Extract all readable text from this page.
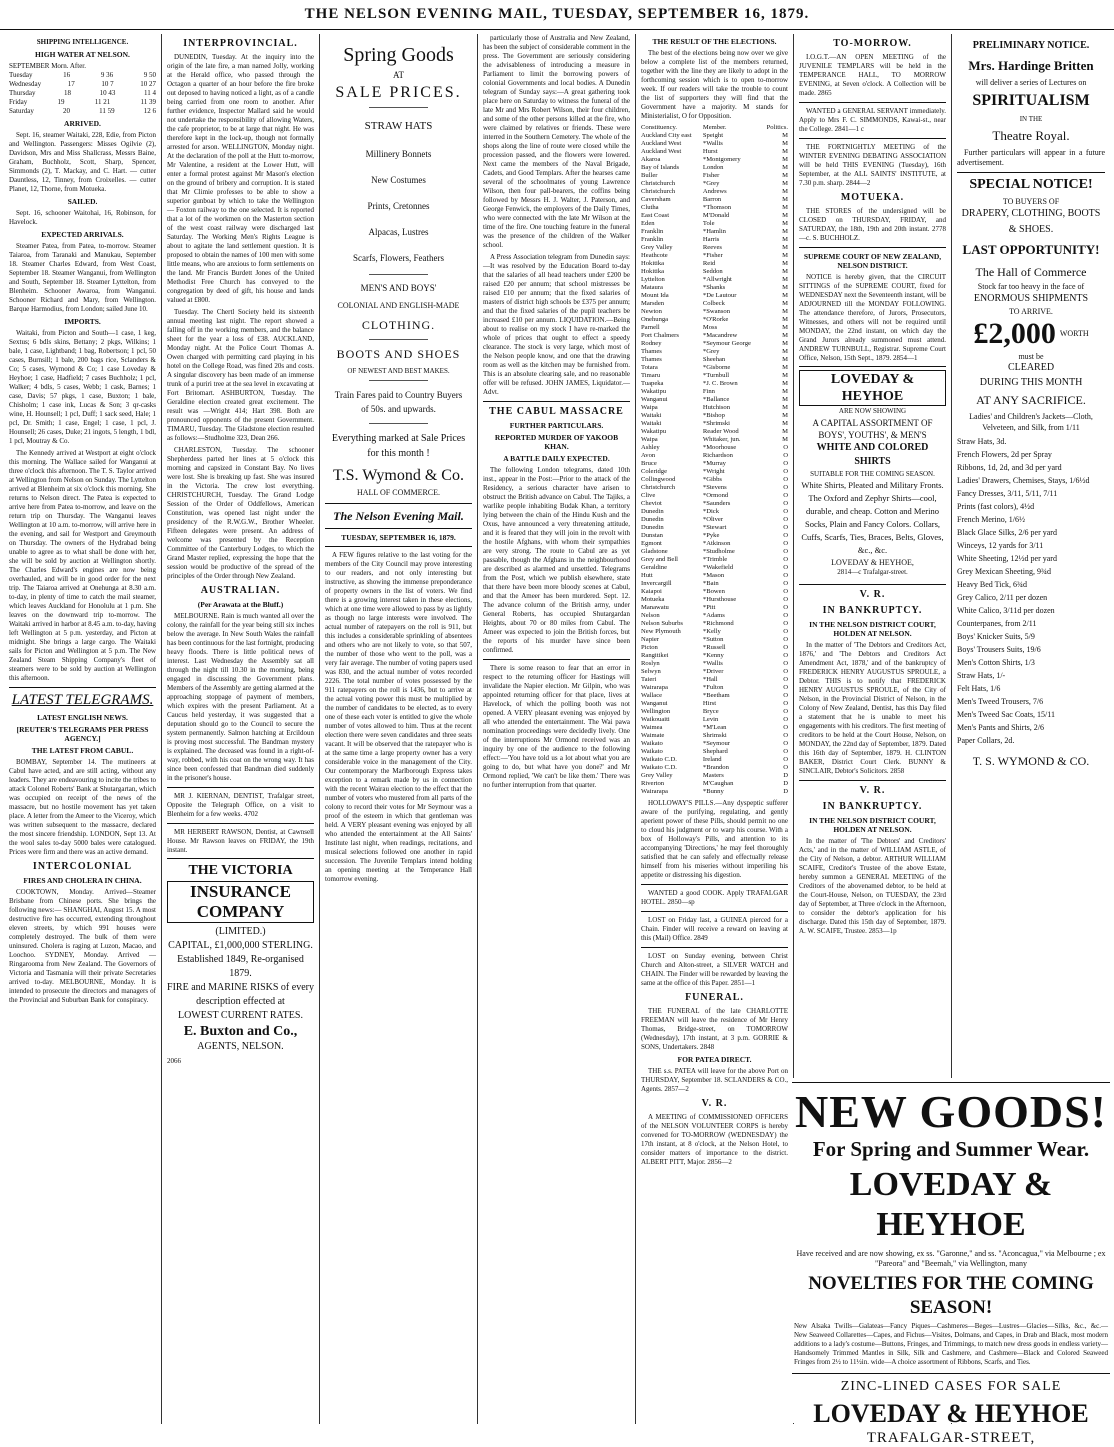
THE NELSON EVENING MAIL, TUESDAY, SEPTEMBER 16, 1879.
SHIPPING INTELLIGENCE.
HIGH WATER AT NELSON.
SEPTEMBER Morn. After.
Tuesday	16	9 36	9 50
Wednesday	17	10 7	10 27
Thursday	18	10 43	11 4
Friday	19	11 21	11 39
Saturday	20	11 59	12 6
ARRIVED.

Sept. 16, steamer Waitaki, 228, Edie, from Picton and Wellington. Passengers: Misses Ogilvie (2), Davidson, Mrs and Miss Shallcrass, Messrs Baine, Graham, Buchholz, Scott, Sharp, Spencer, Simmonds (2), T. Mackay, and C. Hart. — cutter Dauntless, 12, Tinney, from Croixelles. — cutter Planet, 12, Thorne, from Motueka.

SAILED.

Sept. 16, schooner Waitohai, 16, Robinson, for Havelock.

EXPECTED ARRIVALS.

Steamer Patea, from Patea, to-morrow. Steamer Taiaroa, from Taranaki and Manukau, September 18. Steamer Charles Edward, from West Coast, September 18. Steamer Wanganui, from Wellington and South, September 18. Steamer Lyttelton, from Blenheim. Schooner Awaroa, from Wanganui. Schooner Richard and Mary, from Wellington. Barque Harmodius, from London; sailed June 10.

IMPORTS.

Waitaki, from Picton and South—1 case, 1 keg, Sextus; 6 bdls skins, Bettany; 2 pkgs, Wilkins; 1 bale, 1 case, Lightband; 1 bag, Robertson; 1 pcl, 50 cases, Burnsill; 1 bale, 200 bags rice, Sclanders & Co; 5 cases, Wymond & Co; 1 case Loveday & Heyhoe; 1 case, Hadfield; 7 cases Buchholz; 1 pcl, Walker; 4 bdls, 5 cases, Webb; 1 cask, Barnes; 1 case, Davis; 57 pkgs, 1 case, Buxton; 1 bale, Chisholm; 1 case ink, Lucas & Son; 3 qr-casks wine, H. Hounsell; 1 pcl, Duff; 1 sack seed, Hale; 1 pcl, Dr. Smith; 1 case, Engel; 1 case, 1 pcl, J. Hounsell; 26 cases, Duke; 21 ingots, 5 length, 1 bdl, 1 pcl, Moutray & Co.

The Kennedy arrived at Westport at eight o'clock this morning. The Wallace sailed for Wanganui at three o'clock this afternoon. The T. S. Taylor arrived at Wellington from Nelson on Sunday. The Lyttelton arrived at Blenheim at six o'clock this morning. She returns to Nelson direct. The Patea is expected to arrive here from Patea to-morrow, and leave on the return trip on Thursday. The Wanganui leaves Wellington at 10 a.m. to-morrow, will arrive here in the evening, and sail for Westport and Greymouth on Thursday. The owners of the Hydrabad being unable to agree as to what shall be done with her, she will be sold by auction at Wellington shortly. The Charles Edward's engines are now being overhauled, and will be in good order for the next trip. The Taiaroa arrived at Onehunga at 8.30 a.m. to-day, in plenty of time to catch the mail steamer, which leaves Auckland for Honolulu at 1 p.m. She leaves on the downward trip to-morrow. The Waitaki arrived in harbor at 8.45 a.m. to-day, having left Wellington at 5 p.m. yesterday, and Picton at midnight. She brings a large cargo. The Waitaki sails for Picton and Wellington at 5 p.m. The New Zealand Steam Shipping Company's fleet of steamers were to be sold by auction at Wellington this afternoon.

LATEST TELEGRAMS.
LATEST ENGLISH NEWS.
[REUTER'S TELEGRAMS PER PRESS AGENCY.]
THE LATEST FROM CABUL.

BOMBAY, September 14. The mutineers at Cabul have acted, and are still acting, without any leaders. They are endeavouring to incite the tribes to attack Colonel Roberts' Bank at Shutargartan, which was occupied on receipt of the news of the massacre, but no hostile movement has yet taken place. A letter from the Ameer to the Viceroy, which was written subsequent to the massacre, declared the most sincere friendship. LONDON, Sept 13. At the wool sales to-day 5000 bales were catalogued. Prices were firm and there was an active demand.

INTERCOLONIAL
FIRES AND CHOLERA IN CHINA.

COOKTOWN, Monday. Arrived—Steamer Brisbane from Chinese ports. She brings the following news:— SHANGHAI, August 15. A most destructive fire has occurred, extending throughout eleven streets, by which 991 houses were completely destroyed. The bulk of them were uninsured. Cholera is raging at Luzon, Macao, and Loochoo. SYDNEY, Monday. Arrived — Ringarooma from New Zealand. The Governors of Victoria and Tasmania will their private Secretaries arrived to-day. MELBOURNE, Monday. It is intended to prosecute the directors and managers of the Provincial and Suburban Bank for conspiracy.

INTERPROVINCIAL.

DUNEDIN, Tuesday. At the inquiry into the origin of the late fire, a man named Jolly, working at the Herald office, who passed through the Octagon a quarter of an hour before the fire broke out deposed to having noticed a light, as of a candle being carried from one room to another. After further evidence, Inspector Mallard said he would not undertake the responsibility of allowing Waters, the cafe proprietor, to be at large that night. He was therefore kept in the lock-up, though not formally arrested for arson. WELLINGTON, Monday night. At the declaration of the poll at the Hutt to-morrow, Mr Valentine, a resident at the Lower Hutt, will enter a formal protest against Mr Mason's election on the ground of bribery and corruption. It is stated that Mr Climie professes to be able to show a superior gunboat by which to take the Wellington — Foxton railway to the one selected. It is reported that a lot of the workmen on the Masterton section of the west coast railway were discharged last Saturday. The Working Men's Rights League is about to agitate the land settlement question. It is proposed to obtain the names of 100 men with some little means, who are anxious to form settlements on the land. Mr Francis Burdett Jones of the United Methodist Free Church has conveyed to the congregation by deed of gift, his house and lands valued at £800.

Tuesday. The Chertl Society held its sixteenth annual meeting last night. The report showed a falling off in the working members, and the balance sheet for the year a loss of £38. AUCKLAND, Monday night. At the Police Court Thomas A. Owen charged with permitting card playing in his hotel on the College Road, was fined 20s and costs. A singular discovery has been made of an immense trunk of a puriri tree at the sea level in excavating at Fort Britomart. ASHBURTON, Tuesday. The Geraldine election created great excitement. The result was —Wright 414; Hart 398. Both are pronounced opponents of the present Government. TIMARU, Tuesday. The Gladstone election resulted as follows:—Studholme 323, Dean 266.

CHARLESTON, Tuesday. The schooner Shepherdess parted her lines at 5 o'clock this morning and capsized in Constant Bay. No lives were lost. She is breaking up fast. She was insured in the Victoria. The crew lost everything. CHRISTCHURCH, Tuesday. The Grand Lodge Session of the Order of Oddfellows, American Constitution, was opened last night under the presidency of the R.W.G.W., Brother Wheeler. Fifteen delegates were present. An address of welcome was presented by the Reception Committee of the Canterbury Lodges, to which the Grand Master replied, expressing the hope that the session would be productive of the spread of the principles of the Order through New Zealand.

AUSTRALIAN.
(Per Arawata at the Bluff.)

MELBOURNE. Rain is much wanted all over the colony, the rainfall for the year being still six inches below the average. In New South Wales the rainfall has been continuous for the last fortnight, producing heavy floods. There is little political news of interest. Last Wednesday the Assembly sat all through the night till 10.30 in the morning, being engaged in discussing the Government plans. Members of the Assembly are getting alarmed at the approaching stoppage of payment of members, which expires with the present Parliament. At a Caucus held yesterday, it was suggested that a deputation should go to the Council to secure the system permanently. Salmon hatching at Ercildoun is proving most successful. The Bandman mystery is explained. The deceased was found in a right-of-way, robbed, with his coat on the wrong way. It has since been confessed that Bandman died suddenly in the prisoner's house.

MR J. KIERNAN, DENTIST, Trafalgar street, Opposite the Telegraph Office, on a visit to Blenheim for a few weeks. 4702

MR HERBERT RAWSON, Dentist, at Cawnsell House. Mr Rawson leaves on FRIDAY, the 19th instant.

THE VICTORIA
INSURANCE COMPANY
(LIMITED.)
CAPITAL, £1,000,000 STERLING.
Established 1849, Re-organised 1879.
FIRE and MARINE RISKS of every description effected at
LOWEST CURRENT RATES.
E. Buxton and Co.,
AGENTS, NELSON.
2066
Spring Goods
AT
SALE PRICES.
STRAW HATS
Millinery Bonnets
New Costumes
Prints, Cretonnes
Alpacas, Lustres
Scarfs, Flowers, Feathers
MEN'S AND BOYS'
COLONIAL AND ENGLISH-MADE
CLOTHING.
BOOTS AND SHOES
OF NEWEST AND BEST MAKES.
Train Fares paid to Country Buyers of 50s. and upwards.
Everything marked at Sale Prices for this month !
T.S. Wymond & Co.
HALL OF COMMERCE.
The Nelson Evening Mail.
TUESDAY, SEPTEMBER 16, 1879.

A FEW figures relative to the last voting for the members of the City Council may prove interesting to our readers, and not only interesting but instructive, as showing the immense preponderance of property owners in the list of voters. We find there is a growing interest taken in these elections, which at one time were allowed to pass by as lightly as though no large interests were involved. The actual number of ratepayers on the roll is 911, but this includes a considerable sprinkling of absentees and others who are not likely to vote, so that 507, the number of those who went to the poll, was a very fair average. The number of voting papers used was 830, and the actual number of votes recorded 2226. The total number of votes possessed by the 911 ratepayers on the roll is 1436, but to arrive at the actual voting power this must be multiplied by the number of candidates to be elected, as to every one of these each voter is entitled to give the whole number of votes allowed to him. Thus at the recent election there were seven candidates and three seats vacant. It will be observed that the ratepayer who is at the same time a large property owner has a very considerable voice in the management of the City. Our contemporary the Marlborough Express takes exception to a remark made by us in connection with the recent Wairau election to the effect that the number of voters who mustered from all parts of the colony to record their votes for Mr Seymour was a proof of the esteem in which that gentleman was held. A VERY pleasant evening was enjoyed by all who attended the entertainment at the All Saints' Institute last night, when readings, recitations, and musical selections followed one another in rapid succession. The Juvenile Templars intend holding an opening meeting at the Temperance Hall tomorrow evening.

particularly those of Australia and New Zealand, has been the subject of considerable comment in the press. The Government are seriously considering the advisableness of introducing a measure in Parliament to limit the borrowing powers of colonial Governments and local bodies. A Dunedin telegram of Sunday says:—A great gathering took place here on Saturday to witness the funeral of the late Mr and Mrs Robert Wilson, their four children, and some of the other persons killed at the fire, who were claimed by relatives or friends. These were interred in the Southern Cemetery. The whole of the shops along the line of route were closed while the procession passed, and the flowers were lowered. Next came the members of the Naval Brigade, Cadets, and Good Templars. After the hearses came several of the schoolmates of young Lawrence Wilson, then four pall-bearers, the coffins being followed by Messrs H. J. Walter, J. Paterson, and George Fenwick, the employers of the Daily Times, who were connected with the late Mr Wilson at the time of the fire. One touching feature in the funeral was the presence of the children of the Walker school.

A Press Association telegram from Dunedin says:—It was resolved by the Education Board to-day that the salaries of all head teachers under £200 be raised £20 per annum; that school mistresses be raised £10 per annum; that the fixed salaries of masters of district high schools be £375 per annum; and that the fixed salaries of the pupil teachers be increased £10 per annum. LIQUIDATION.—Being about to realise on my stock I have re-marked the whole of prices that ought to effect a speedy clearance. The stock is very large, which most of the Nelson people know, and one that the drawing room as well as the kitchen may be furnished from. This is an absolute clearing sale, and no reasonable offer will be refused. JOHN JAMES, Liquidator.—Advt.

THE CABUL MASSACRE
FURTHER PARTICULARS.
REPORTED MURDER OF YAKOOB KHAN.
A BATTLE DAILY EXPECTED.

The following London telegrams, dated 10th inst., appear in the Post:—Prior to the attack of the Residency, a serious character have arisen to obstruct the British advance on Cabul. The Tajiks, a warlike people inhabiting Budak Khan, a territory lying between the chain of the Hindu Kush and the Oxus, have announced a very threatening attitude, and it is feared that they will join in the revolt with the hostile Afghans, with whom their sympathies are very strong. The route to Cabul are as yet passable, though the Afghans in the neighbourhood are described as alarmed and unsettled. Telegrams from the Post, which we publish elsewhere, state that there have been more bloody scenes at Cabul, and that the Ameer has been murdered. Sept. 12. The advance column of the British army, under General Roberts, has occupied Shutargardan Heights, about 70 or 80 miles from Cabul. The Ameer was expected to join the British forces, but the reports of his murder have since been confirmed.

There is some reason to fear that an error in respect to the returning officer for Hastings will invalidate the Napier election. Mr Gilpin, who was appointed returning officer for that place, lives at Havelock, of which the polling booth was not opened. A VERY pleasant evening was enjoyed by all who attended the entertainment. The Wai pawa nomination proceedings were decidedly lively. One of the interruptions Mr Ormond received was an inquiry by one of the audience to the following effect:—'You have told us a lot about what you are going to do, but what have you done?' and Mr Ormond replied, 'We can't be like them.' There was no further interruption from that quarter.

THE RESULT OF THE ELECTIONS.

The best of the elections being now over we give below a complete list of the members returned, together with the line they are likely to adopt in the forthcoming session which is to open to-morrow week. If our readers will take the trouble to count the list of supporters they will find that the Government have a majority. M stands for Ministerialist, O for Opposition.

Constituency.	Member.	Politics.
Auckland City east	Speight	M
Auckland West	*Wallis	M
Auckland West	Hurst	M
Akaroa	*Montgomery	M
Bay of Islands	London	M
Buller	Fisher	M
Christchurch	*Grey	M
Christchurch	Andrews	M
Caversham	Barron	M
Clutha	*Thomson	M
East Coast	M'Donald	M
Eden	Tole	M
Franklin	*Hamlin	M
Franklin	Harris	M
Grey Valley	Reeves	M
Heathcote	*Fisher	M
Hokitika	Reid	M
Hokitika	Seddon	M
Lyttelton	*Allwright	M
Mataura	*Shanks	M
Mount Ida	*De Lautour	M
Marsden	Colbeck	M
Newton	*Swanson	M
Onehunga	*O'Rorke	M
Parnell	Moss	M
Port Chalmers	*Macandrew	M
Rodney	*Seymour George	M
Thames	*Grey	M
Thames	Sheehan	M
Totara	*Gisborne	M
Timaru	*Turnbull	M
Tuapeka	*J. C. Brown	M
Wakatipu	Finn	M
Wanganui	*Ballance	M
Waipa	Hutchison	M
Waitaki	*Bishop	M
Waitaki	*Shrimski	M
Wakatipu	Reader Wood	M
Waipa	Whitaker, jun.	M
Ashley	*Moorhouse	O
Avon	Richardson	O
Bruce	*Murray	O
Coleridge	*Wright	O
Collingwood	*Gibbs	O
Christchurch	*Stevens	O
Clive	*Ormond	O
Cheviot	*Saunders	O
Dunedin	*Dick	O
Dunedin	*Oliver	O
Dunedin	*Stewart	O
Dunstan	*Pyke	O
Egmont	*Atkinson	O
Gladstone	*Studholme	O
Grey and Bell	*Trimble	O
Geraldine	*Wakefield	O
Hutt	*Mason	O
Invercargill	*Bain	O
Kaiapoi	*Bowen	O
Motueka	*Hursthouse	O
Manawatu	*Pitt	O
Nelson	*Adams	O
Nelson Suburbs	*Richmond	O
New Plymouth	*Kelly	O
Napier	*Sutton	O
Picton	*Russell	O
Rangitikei	*Kenny	O
Roslyn	*Wallis	O
Selwyn	*Driver	O
Taieri	*Hall	O
Wairarapa	*Fulton	O
Wallace	*Beetham	O
Wanganui	Hirst	O
Wellington	Bryce	O
Waikouaiti	Levin	O
Waimea	*M'Lean	O
Waimate	Shrimski	O
Waikato	*Seymour	O
Waikato	Shephard	O
Waikato C.D.	Ireland	O
Waikato C.D.	*Brandon	O
Grey Valley	Masters	D
Riverton	M'Caughan	D
Wairarapa	*Bunny	D

HOLLOWAY'S PILLS.—Any dyspeptic sufferer aware of the purifying, regulating, and gently aperient power of these Pills, should permit no one to cloud his judgment or to warp his course. With a box of Holloway's Pills, and attention to its accompanying 'Directions,' he may feel thoroughly satisfied that he can safely and effectually release himself from his miseries without imperiling his appetite or distressing his digestion.

WANTED a good COOK. Apply TRAFALGAR HOTEL. 2850—sp

LOST on Friday last, a GUINEA pierced for a Chain. Finder will receive a reward on leaving at this (Mail) Office. 2849

LOST on Sunday evening, between Christ Church and Alton-street, a SILVER WATCH and CHAIN. The Finder will be rewarded by leaving the same at the office of this Paper. 2851—1

FUNERAL.

THE FUNERAL of the late CHARLOTTE FREEMAN will leave the residence of Mr Henry Thomas, Bridge-street, on TOMORROW (Wednesday), 17th instant, at 3 p.m. GORRIE & SONS, Undertakers. 2848

FOR PATEA DIRECT.

THE s.s. PATEA will leave for the above Port on THURSDAY, September 18. SCLANDERS & CO., Agents. 2857—2

V. R.

A MEETING of COMMISSIONED OFFICERS of the NELSON VOLUNTEER CORPS is hereby convened for TO-MORROW (WEDNESDAY) the 17th instant, at 8 o'clock, at the Nelson Hotel, to consider matters of importance to the district. ALBERT PITT, Major. 2856—2

TO-MORROW.

I.O.G.T.—AN OPEN MEETING of the JUVENILE TEMPLARS will be held in the TEMPERANCE HALL, TO MORROW EVENING, at Seven o'clock. A Collection will be made. 2865

WANTED a GENERAL SERVANT immediately. Apply to Mrs F. C. SIMMONDS, Kawai-st., near the College. 2841—1 c

THE FORTNIGHTLY MEETING of the WINTER EVENING DEBATING ASSOCIATION will be held THIS EVENING (Tuesday), 16th September, at the ALL SAINTS' INSTITUTE, at 7.30 p.m. sharp. 2844—2

MOTUEKA.

THE STORES of the undersigned will be CLOSED on THURSDAY, FRIDAY, and SATURDAY, the 18th, 19th and 20th instant. 2778—c. S. BUCHHOLZ.

SUPREME COURT OF NEW ZEALAND, NELSON DISTRICT.

NOTICE is hereby given, that the CIRCUIT SITTINGS of the SUPREME COURT, fixed for WEDNESDAY next the Seventeenth instant, will be ADJOURNED till the MONDAY FOLLOWING. The attendance therefore, of Jurors, Prosecutors, Witnesses, and others will not be required until MONDAY, the 22nd instant, on which day the Grand Jurors already summoned must attend. ANDREW TURNBULL, Registrar. Supreme Court Office, Nelson, 15th Sept., 1879. 2854—1

LOVEDAY & HEYHOE
ARE NOW SHOWING
A CAPITAL ASSORTMENT OF BOYS', YOUTHS', & MEN'S
WHITE AND COLORED SHIRTS
SUITABLE FOR THE COMING SEASON.
White Shirts, Pleated and Military Fronts. The Oxford and Zephyr Shirts—cool, durable, and cheap. Cotton and Merino Socks, Plain and Fancy Colors. Collars, Cuffs, Scarfs, Ties, Braces, Belts, Gloves, &c., &c.
LOVEDAY & HEYHOE,
2814—c Trafalgar-street.
V. R.
IN BANKRUPTCY.
IN THE NELSON DISTRICT COURT, HOLDEN AT NELSON.

In the matter of 'The Debtors and Creditors Act, 1876,' and 'The Debtors and Creditors Act Amendment Act, 1878,' and of the bankruptcy of FREDERICK HENRY AUGUSTUS SPROULE, a Debtor. THIS is to notify that FREDERICK HENRY AUGUSTUS SPROULE, of the City of Nelson, in the Provincial District of Nelson, in the Colony of New Zealand, Dentist, has this Day filed a statement that he is unable to meet his engagements with his creditors. The first meeting of creditors to be held at the Court House, Nelson, on MONDAY, the 22nd day of September, 1879. Dated this 16th day of September, 1879. H. CLINTON BAKER, District Court Clerk. BUNNY & SINCLAIR, Debtor's Solicitors. 2858

V. R.
IN BANKRUPTCY.
IN THE NELSON DISTRICT COURT, HOLDEN AT NELSON.

In the matter of 'The Debtors' and Creditors' Acts,' and in the matter of WILLIAM ASTLE, of the City of Nelson, a debtor. ARTHUR WILLIAM SCAIFE, Creditor's Trustee of the above Estate, hereby summon a GENERAL MEETING of the Creditors of the abovenamed debtor, to be held at the Court-House, Nelson, on TUESDAY, the 23rd day of September, at Three o'clock in the Afternoon, to consider the debtor's application for his discharge. Dated this 15th day of September, 1879. A. W. SCAIFE, Trustee. 2853—1p

PRELIMINARY NOTICE.
Mrs. Hardinge Britten
will deliver a series of Lectures on
SPIRITUALISM
IN THE
Theatre Royal.

Further particulars will appear in a future advertisement.

SPECIAL NOTICE!
TO BUYERS OF
DRAPERY, CLOTHING, BOOTS & SHOES.
LAST OPPORTUNITY!
The Hall of Commerce
Stock far too heavy in the face of
ENORMOUS SHIPMENTS
TO ARRIVE.
£2,000 WORTH
must be
CLEARED
DURING THIS MONTH
AT ANY SACRIFICE.
Ladies' and Children's Jackets—Cloth, Velveteen, and Silk, from 1/11
Straw Hats, 3d.
French Flowers, 2d per Spray
Ribbons, 1d, 2d, and 3d per yard
Ladies' Drawers, Chemises, Stays, 1/6½d
Fancy Dresses, 3/11, 5/11, 7/11
Prints (fast colors), 4½d
French Merino, 1/6½
Black Glace Silks, 2/6 per yard
Winceys, 12 yards for 3/11
White Sheeting, 12½d per yard
Grey Mexican Sheeting, 9¾d
Heavy Bed Tick, 6¾d
Grey Calico, 2/11 per dozen
White Calico, 3/11d per dozen
Counterpanes, from 2/11
Boys' Knicker Suits, 5/9
Boys' Trousers Suits, 19/6
Men's Cotton Shirts, 1/3
Straw Hats, 1/-
Felt Hats, 1/6
Men's Tweed Trousers, 7/6
Men's Tweed Sac Coats, 15/11
Men's Pants and Shirts, 2/6
Paper Collars, 2d.
T. S. WYMOND & CO.
NEW GOODS!
For Spring and Summer Wear.
LOVEDAY & HEYHOE
Have received and are now showing, ex ss. "Garonne," and ss. "Aconcagua," via Melbourne ; ex "Pareora" and "Beemah," via Wellington, many
NOVELTIES FOR THE COMING SEASON!
New Alsaka Twills—Galateas—Fancy Piques—Cashmeres—Beges—Lustres—Glacies—Silks, &c., &c.—New Seaweed Collarettes—Capes, and Fichus—Visites, Dolmans, and Capes, in Drab and Black, most modern additions to a lady's costume—Buttons, Fringes, and Trimmings, to match new dress goods in endless variety—Handsomely Trimmed Mantles in Silk, Silk and Cashmere, and Cashmere—Black and Colored Seaweed Fringes from 2½ to 11½in. wide—A choice assortment of Ribbons, Scarfs, and Ties.
ZINC-LINED CASES FOR SALE
LOVEDAY & HEYHOE
TRAFALGAR-STREET,
